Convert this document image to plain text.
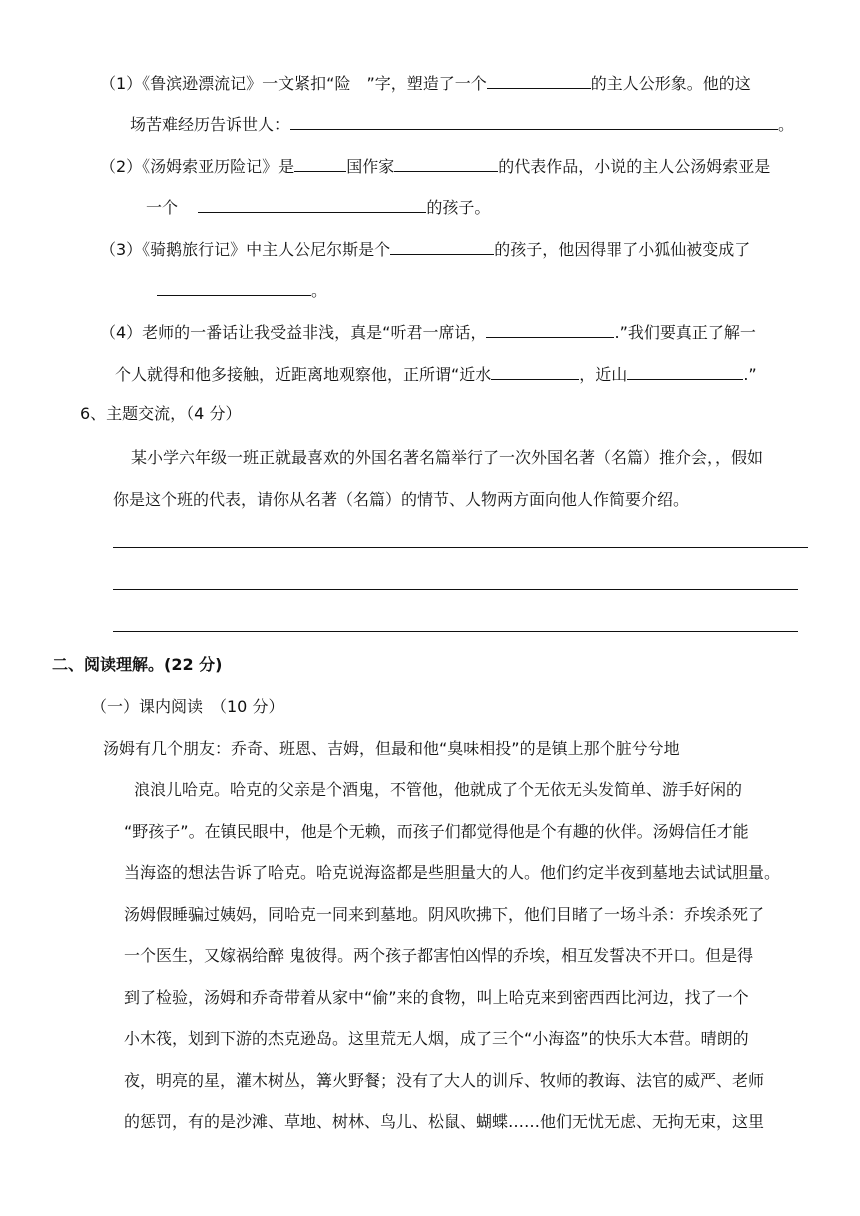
（1）《鲁滨逊漂流记》一文紧扣“险　”字，塑造了一个	的主人公形象。他的这
场苦难经历告诉世人：	。
（2）《汤姆索亚历险记》是	国作家	的代表作品，小说的主人公汤姆索亚是
一个	的孩子。
（3）《骑鹅旅行记》中主人公尼尔斯是个	的孩子，他因得罪了小狐仙被变成了
。
（4）老师的一番话让我受益非浅，真是“听君一席话，	.”我们要真正了解一
个人就得和他多接触，近距离地观察他，正所谓“近水	，近山	.”
6、主题交流，（4 分）
某小学六年级一班正就最喜欢的外国名著名篇举行了一次外国名著（名篇）推介会，，假如
你是这个班的代表，请你从名著（名篇）的情节、人物两方面向他人作简要介绍。
二、阅读理解。(22 分)
（一）课内阅读　（10 分）
汤姆有几个朋友：乔奇、班恩、吉姆，但最和他“臭味相投”的是镇上那个脏兮兮地
浪浪儿哈克。哈克的父亲是个酒鬼，不管他，他就成了个无依无头发简单、游手好闲的
“野孩子”。在镇民眼中，他是个无赖，而孩子们都觉得他是个有趣的伙伴。汤姆信任才能
当海盗的想法告诉了哈克。哈克说海盗都是些胆量大的人。他们约定半夜到墓地去试试胆量。
汤姆假睡骗过姨妈，同哈克一同来到墓地。阴风吹拂下，他们目睹了一场斗杀：乔埃杀死了
一个医生，又嫁祸给醉 鬼彼得。两个孩子都害怕凶悍的乔埃，相互发誓决不开口。但是得
到了检验，汤姆和乔奇带着从家中“偷”来的食物，叫上哈克来到密西西比河边，找了一个
小木筏，划到下游的杰克逊岛。这里荒无人烟，成了三个“小海盗”的快乐大本营。晴朗的
夜，明亮的星，灌木树丛，篝火野餐；没有了大人的训斥、牧师的教诲、法官的威严、老师
的惩罚，有的是沙滩、草地、树林、鸟儿、松鼠、蝴蝶……他们无忧无虑、无拘无束，这里
